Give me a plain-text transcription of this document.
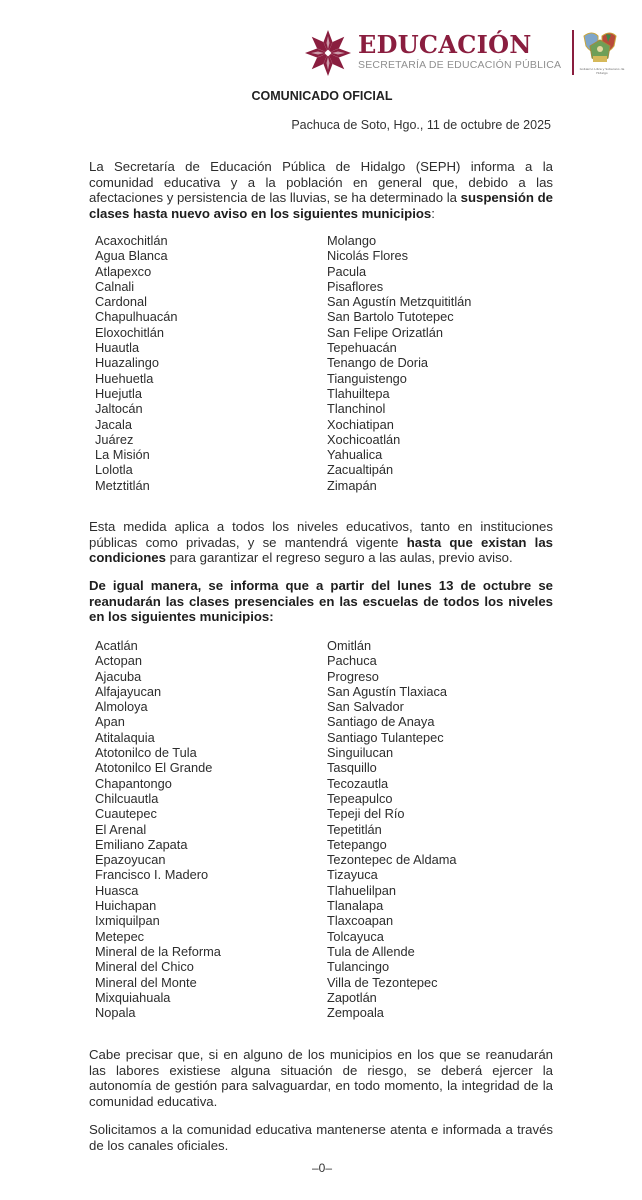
EDUCACIÓN
SECRETARÍA DE EDUCACIÓN PÚBLICA	Gobierno Libre y Soberano de Hidalgo
COMUNICADO OFICIAL
Pachuca de Soto, Hgo., 11 de octubre de 2025

La Secretaría de Educación Pública de Hidalgo (SEPH) informa a la comunidad educativa y a la población en general que, debido a las afectaciones y persistencia de las lluvias, se ha determinado la suspensión de clases hasta nuevo aviso en los siguientes municipios:

Acaxochitlán
Agua Blanca
Atlapexco
Calnali
Cardonal
Chapulhuacán
Eloxochitlán
Huautla
Huazalingo
Huehuetla
Huejutla
Jaltocán
Jacala
Juárez
La Misión
Lolotla
Metztitlán
Molango
Nicolás Flores
Pacula
Pisaflores
San Agustín Metzquititlán
San Bartolo Tutotepec
San Felipe Orizatlán
Tepehuacán
Tenango de Doria
Tianguistengo
Tlahuiltepa
Tlanchinol
Xochiatipan
Xochicoatlán
Yahualica
Zacualtipán
Zimapán

Esta medida aplica a todos los niveles educativos, tanto en instituciones públicas como privadas, y se mantendrá vigente hasta que existan las condiciones para garantizar el regreso seguro a las aulas, previo aviso.

De igual manera, se informa que a partir del lunes 13 de octubre se reanudarán las clases presenciales en las escuelas de todos los niveles en los siguientes municipios:

Acatlán
Actopan
Ajacuba
Alfajayucan
Almoloya
Apan
Atitalaquia
Atotonilco de Tula
Atotonilco El Grande
Chapantongo
Chilcuautla
Cuautepec
El Arenal
Emiliano Zapata
Epazoyucan
Francisco I. Madero
Huasca
Huichapan
Ixmiquilpan
Metepec
Mineral de la Reforma
Mineral del Chico
Mineral del Monte
Mixquiahuala
Nopala
Omitlán
Pachuca
Progreso
San Agustín Tlaxiaca
San Salvador
Santiago de Anaya
Santiago Tulantepec
Singuilucan
Tasquillo
Tecozautla
Tepeapulco
Tepeji del Río
Tepetitlán
Tetepango
Tezontepec de Aldama
Tizayuca
Tlahuelilpan
Tlanalapa
Tlaxcoapan
Tolcayuca
Tula de Allende
Tulancingo
Villa de Tezontepec
Zapotlán
Zempoala

Cabe precisar que, si en alguno de los municipios en los que se reanudarán las labores existiese alguna situación de riesgo, se deberá ejercer la autonomía de gestión para salvaguardar, en todo momento, la integridad de la comunidad educativa.

Solicitamos a la comunidad educativa mantenerse atenta e informada a través de los canales oficiales.

–0–
